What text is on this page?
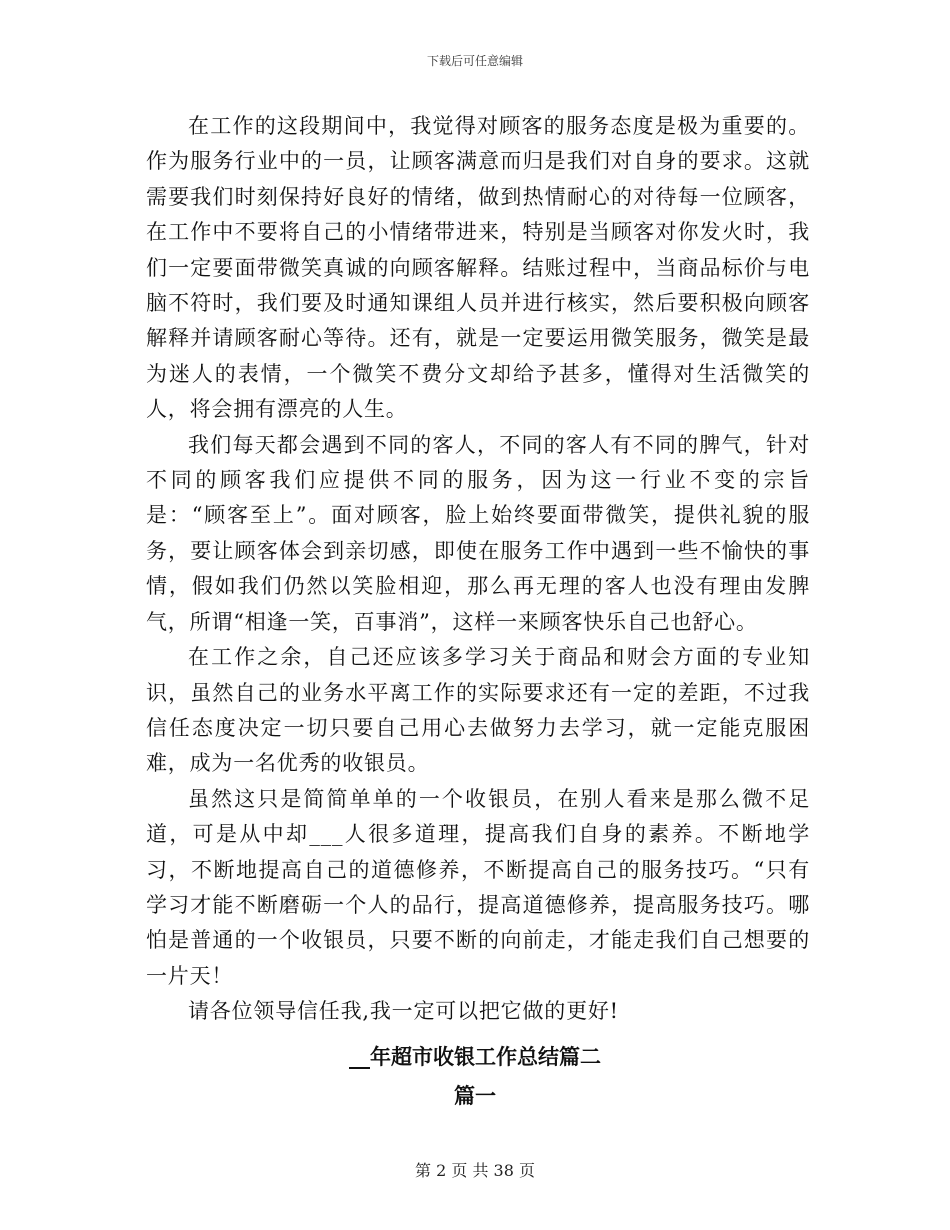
下载后可任意编辑

在工作的这段期间中，我觉得对顾客的服务态度是极为重要的。作为服务行业中的一员，让顾客满意而归是我们对自身的要求。这就需要我们时刻保持好良好的情绪，做到热情耐心的对待每一位顾客，在工作中不要将自己的小情绪带进来，特别是当顾客对你发火时，我们一定要面带微笑真诚的向顾客解释。结账过程中，当商品标价与电脑不符时，我们要及时通知课组人员并进行核实，然后要积极向顾客解释并请顾客耐心等待。还有，就是一定要运用微笑服务，微笑是最为迷人的表情，一个微笑不费分文却给予甚多，懂得对生活微笑的人，将会拥有漂亮的人生。

我们每天都会遇到不同的客人，不同的客人有不同的脾气，针对不同的顾客我们应提供不同的服务，因为这一行业不变的宗旨是：“顾客至上”。面对顾客，脸上始终要面带微笑，提供礼貌的服务，要让顾客体会到亲切感，即使在服务工作中遇到一些不愉快的事情，假如我们仍然以笑脸相迎，那么再无理的客人也没有理由发脾气，所谓“相逢一笑，百事消”，这样一来顾客快乐自己也舒心。

在工作之余，自己还应该多学习关于商品和财会方面的专业知识，虽然自己的业务水平离工作的实际要求还有一定的差距，不过我信任态度决定一切只要自己用心去做努力去学习，就一定能克服困难，成为一名优秀的收银员。

虽然这只是简简单单的一个收银员，在别人看来是那么微不足道，可是从中却___人很多道理，提高我们自身的素养。不断地学习，不断地提高自己的道德修养，不断提高自己的服务技巧。“只有学习才能不断磨砺一个人的品行，提高道德修养，提高服务技巧。哪怕是普通的一个收银员，只要不断的向前走，才能走我们自己想要的一片天！

请各位领导信任我,我一定可以把它做的更好!

__年超市收银工作总结篇二
篇一
第 2 页 共 38 页
